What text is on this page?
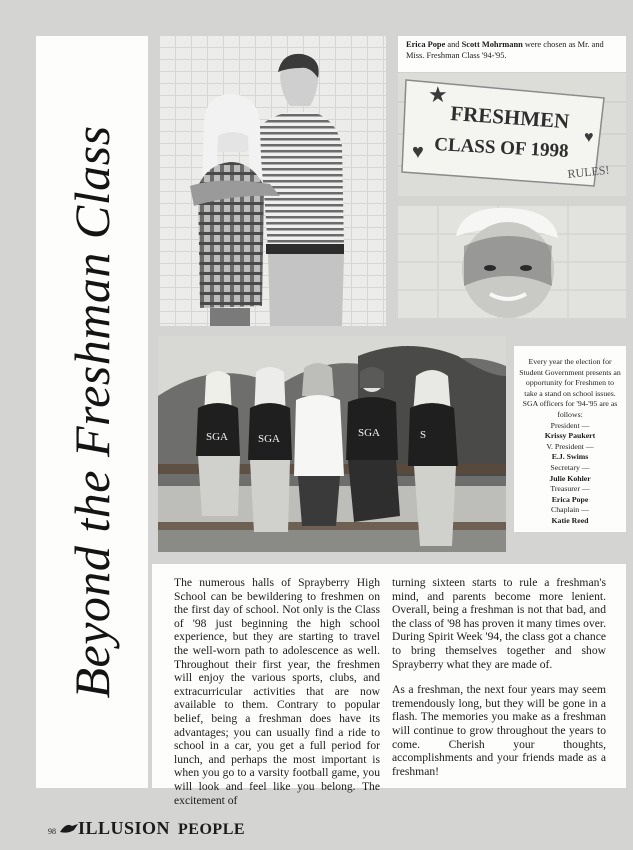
Beyond the Freshman Class

Erica Pope and Scott Mohrmann were chosen as Mr. and Miss. Freshman Class '94-'95.

★
♥
♥
FRESHMEN
CLASS OF 1998
RULES!
SGA	SGA	SGA	S
Every year the election for Student Government presents an opportunity for Freshmen to take a stand on school issues. SGA officers for '94-'95 are as follows:
President —
Krissy Paukert
V. President —
E.J. Swims
Secretary —
Julie Kohler
Treasurer —
Erica Pope
Chaplain —
Katie Reed

The numerous halls of Sprayberry High School can be bewildering to freshmen on the first day of school. Not only is the Class of '98 just beginning the high school experience, but they are starting to travel the well-worn path to adolescence as well. Throughout their first year, the freshmen will enjoy the various sports, clubs, and extracurricular activities that are now available to them. Contrary to popular belief, being a freshman does have its advantages; you can usually find a ride to school in a car, you get a full period for lunch, and perhaps the most important is when you go to a varsity football game, you will look and feel like you belong. The excitement of

turning sixteen starts to rule a freshman's mind, and parents become more lenient. Overall, being a freshman is not that bad, and the class of '98 has proven it many times over. During Spirit Week '94, the class got a chance to bring themselves together and show Sprayberry what they are made of.

As a freshman, the next four years may seem tremendously long, but they will be gone in a flash. The memories you make as a freshman will continue to grow throughout the years to come. Cherish your thoughts, accomplishments and your friends made as a freshman!

98 ILLUSION PEOPLE
